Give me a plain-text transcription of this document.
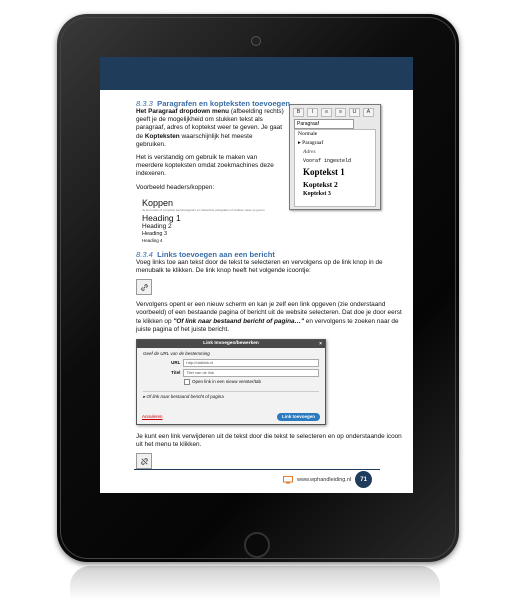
B	I	≡	≡	U	A
Paragraaf
Normale
▸ Paragraaf
Adres
Vooraf ingesteld
Koptekst 1
Koptekst 2
Koptekst 3
8.3.3 Paragrafen en kopteksten toevoegen

Het Paragraaf dropdown menu (afbeelding rechts) geeft je de mogelijkheid om stukken tekst als paragraaf, adres of koptekst weer te geven. Je gaat de Kopteksten waarschijnlijk het meeste gebruiken.

Het is verstandig om gebruik te maken van meerdere kopteksten omdat zoekmachines deze indexeren.

Voorbeeld headers/koppen:

Koppen
Je kunt tekst of complete berichtpagina's en hiërarchie paragrafen of stukken tekst op geven.
Heading 1
Heading 2
Heading 3
Heading 4
8.3.4 Links toevoegen aan een bericht

Voeg links toe aan tekst door de tekst te selecteren en vervolgens op de link knop in de menubalk te klikken. De link knop heeft het volgende icoontje:

Vervolgens opent er een nieuw scherm en kan je zelf een link opgeven (zie onderstaand voorbeeld) of een bestaande pagina of bericht uit de website selecteren. Dat doe je door eerst te klikken op "Of link naar bestaand bericht of pagina…" en vervolgens te zoeken naar de juiste pagina of het juiste bericht.

Link Invoegen/bewerken	×
Geef de URL van de bestemming
URL	http://dablink.nl
Titel	Titel van de link
Open link in een nieuw venster/tab
▸ Of link naar bestaand bericht of pagina
Annuleren	Link toevoegen

Je kunt een link verwijderen uit de tekst door die tekst te selecteren en op onderstaande icoon uit het menu te klikken.

www.wphandleiding.nl	71
